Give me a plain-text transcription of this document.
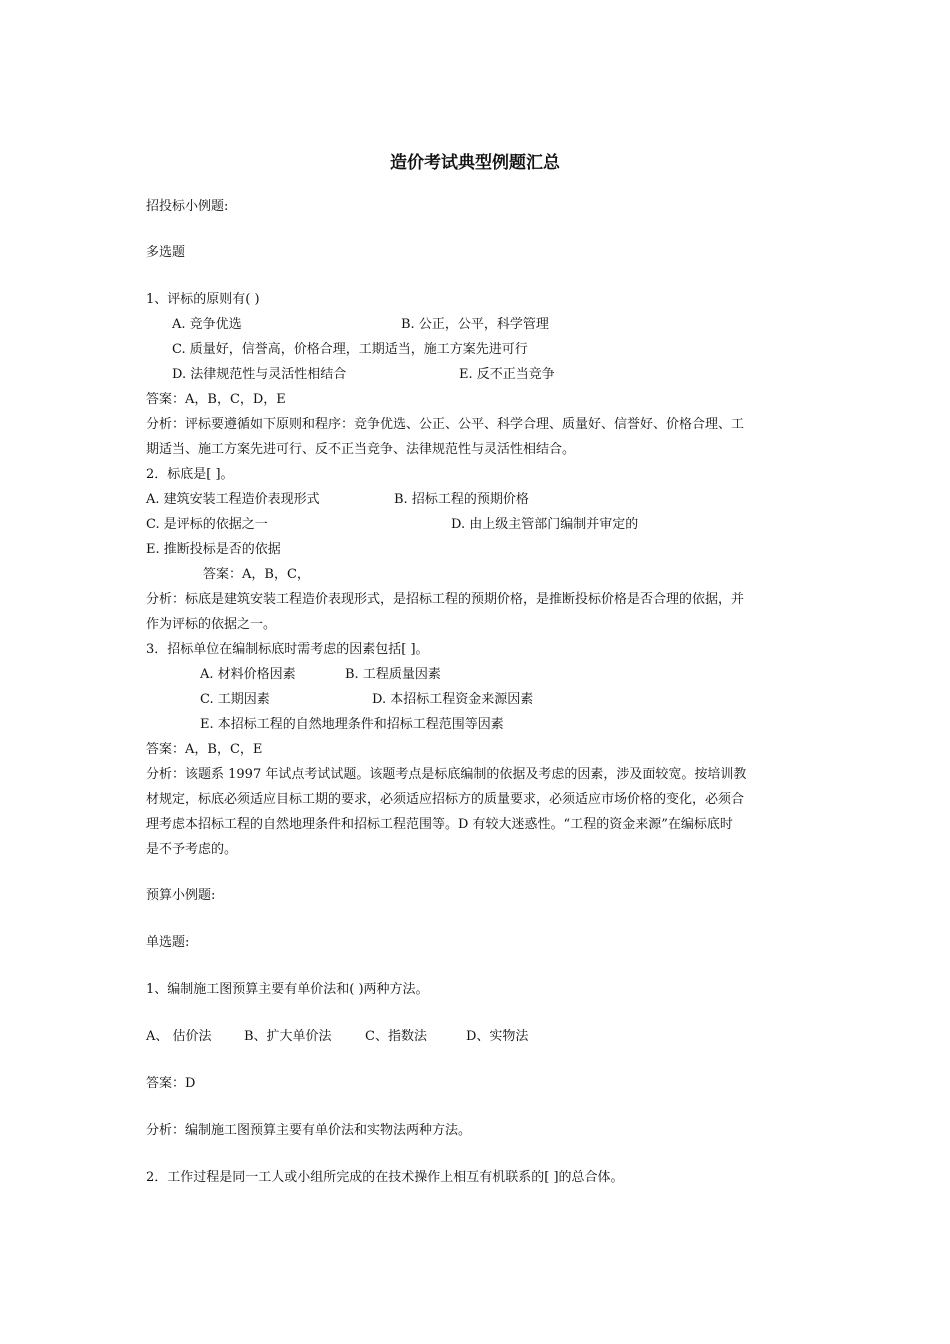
造价考试典型例题汇总
招投标小例题:
多选题
1、评标的原则有( )
A. 竞争优选	B. 公正，公平，科学管理
C. 质量好，信誉高，价格合理，工期适当，施工方案先进可行
D. 法律规范性与灵活性相结合	E. 反不正当竞争
答案：A，B，C，D，E
分析：评标要遵循如下原则和程序：竞争优选、公正、公平、科学合理、质量好、信誉好、价格合理、工
期适当、施工方案先进可行、反不正当竞争、法律规范性与灵活性相结合。
2．标底是[ ]。
A. 建筑安装工程造价表现形式	B. 招标工程的预期价格
C. 是评标的依据之一	D. 由上级主管部门编制并审定的
E. 推断投标是否的依据
答案：A，B，C，
分析：标底是建筑安装工程造价表现形式，是招标工程的预期价格，是推断投标价格是否合理的依据，并
作为评标的依据之一。
3．招标单位在编制标底时需考虑的因素包括[ ]。
A. 材料价格因素	B. 工程质量因素
C. 工期因素	D. 本招标工程资金来源因素
E. 本招标工程的自然地理条件和招标工程范围等因素
答案：A，B，C，E
分析：该题系 1997 年试点考试试题。该题考点是标底编制的依据及考虑的因素，涉及面较宽。按培训教
材规定，标底必须适应目标工期的要求，必须适应招标方的质量要求，必须适应市场价格的变化，必须合
理考虑本招标工程的自然地理条件和招标工程范围等。D 有较大迷惑性。“工程的资金来源”在编标底时
是不予考虑的。
预算小例题:
单选题:
1、编制施工图预算主要有单价法和( )两种方法。
A、 估价法 B、扩大单价法	C、指数法	D、实物法
答案：D
分析：编制施工图预算主要有单价法和实物法两种方法。
2．工作过程是同一工人或小组所完成的在技术操作上相互有机联系的[ ]的总合体。
